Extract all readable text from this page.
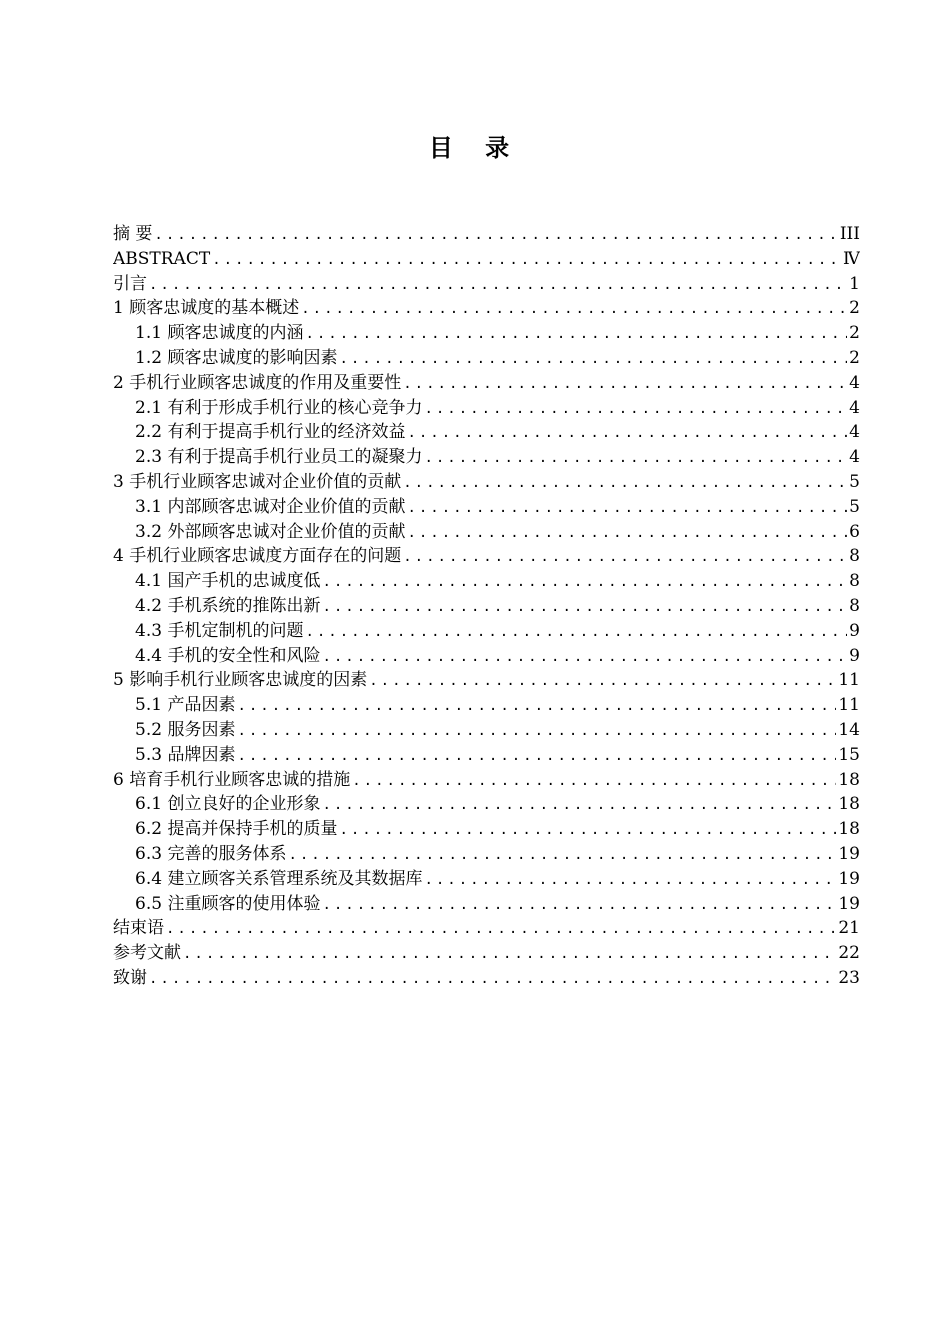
目 录
摘 要 .....	III
ABSTRACT .....	Ⅳ
引言 .....	1
1 顾客忠诚度的基本概述 .....	2
1.1 顾客忠诚度的内涵 .....	2
1.2 顾客忠诚度的影响因素 .....	2
2 手机行业顾客忠诚度的作用及重要性 .....	4
2.1 有利于形成手机行业的核心竞争力 .....	4
2.2 有利于提高手机行业的经济效益 .....	4
2.3 有利于提高手机行业员工的凝聚力 .....	4
3 手机行业顾客忠诚对企业价值的贡献 .....	5
3.1 内部顾客忠诚对企业价值的贡献 .....	5
3.2 外部顾客忠诚对企业价值的贡献 .....	6
4 手机行业顾客忠诚度方面存在的问题 .....	8
4.1 国产手机的忠诚度低 .....	8
4.2 手机系统的推陈出新 .....	8
4.3 手机定制机的问题 .....	9
4.4 手机的安全性和风险 .....	9
5 影响手机行业顾客忠诚度的因素 .....	11
5.1 产品因素 .....	11
5.2 服务因素 .....	14
5.3 品牌因素 .....	15
6 培育手机行业顾客忠诚的措施 .....	18
6.1 创立良好的企业形象 .....	18
6.2 提高并保持手机的质量 .....	18
6.3 完善的服务体系 .....	19
6.4 建立顾客关系管理系统及其数据库 .....	19
6.5 注重顾客的使用体验 .....	19
结束语 .....	21
参考文献 .....	22
致谢 .....	23
